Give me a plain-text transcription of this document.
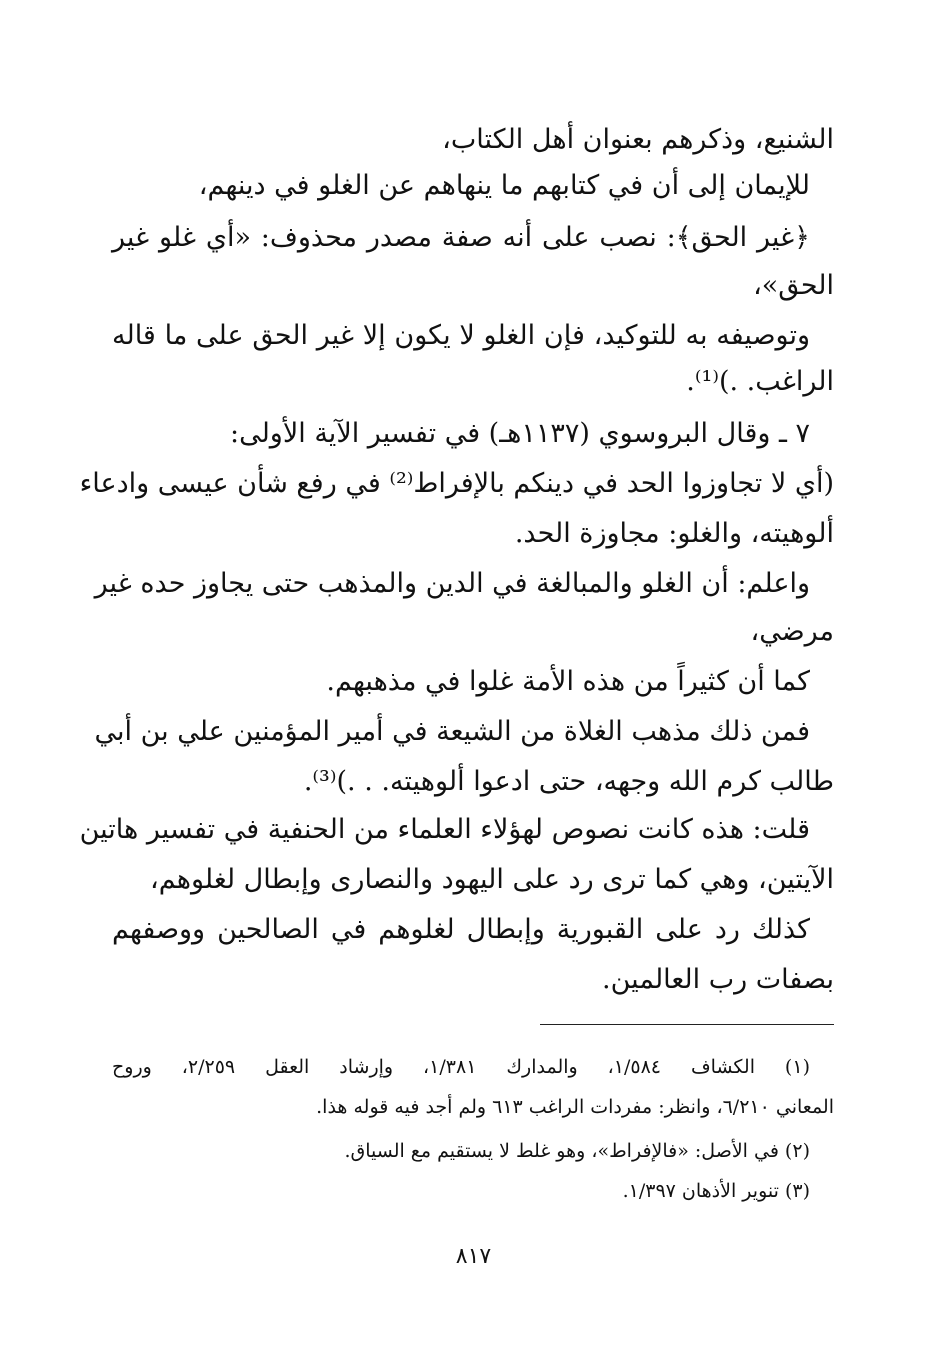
الشنيع، وذكرهم بعنوان أهل الكتاب،
للإيمان إلى أن في كتابهم ما ينهاهم عن الغلو في دينهم،
﴿غير الحق﴾: نصب على أنه صفة مصدر محذوف: «أي غلو غير
الحق»،
وتوصيفه به للتوكيد، فإن الغلو لا يكون إلا غير الحق على ما قاله
الراغب. .)⁽¹⁾.
٧ ـ وقال البروسوي (١١٣٧هـ) في تفسير الآية الأولى:
(أي لا تجاوزوا الحد في دينكم بالإفراط⁽²⁾ في رفع شأن عيسى وادعاء
ألوهيته، والغلو: مجاوزة الحد.
واعلم: أن الغلو والمبالغة في الدين والمذهب حتى يجاوز حده غير
مرضي،
كما أن كثيراً من هذه الأمة غلوا في مذهبهم.
فمن ذلك مذهب الغلاة من الشيعة في أمير المؤمنين علي بن أبي
طالب كرم الله وجهه، حتى ادعوا ألوهيته. . .)⁽³⁾.
قلت: هذه كانت نصوص لهؤلاء العلماء من الحنفية في تفسير هاتين
الآيتين، وهي كما ترى رد على اليهود والنصارى وإبطال لغلوهم،
كذلك رد على القبورية وإبطال لغلوهم في الصالحين ووصفهم
بصفات رب العالمين.
(١) الكشاف ١/٥٨٤، والمدارك ١/٣٨١، وإرشاد العقل ٢/٢٥٩، وروح
المعاني ٦/٢١٠، وانظر: مفردات الراغب ٦١٣ ولم أجد فيه قوله هذا.
(٢) في الأصل: «فالإفراط»، وهو غلط لا يستقيم مع السياق.
(٣) تنوير الأذهان ١/٣٩٧.
٨١٧
